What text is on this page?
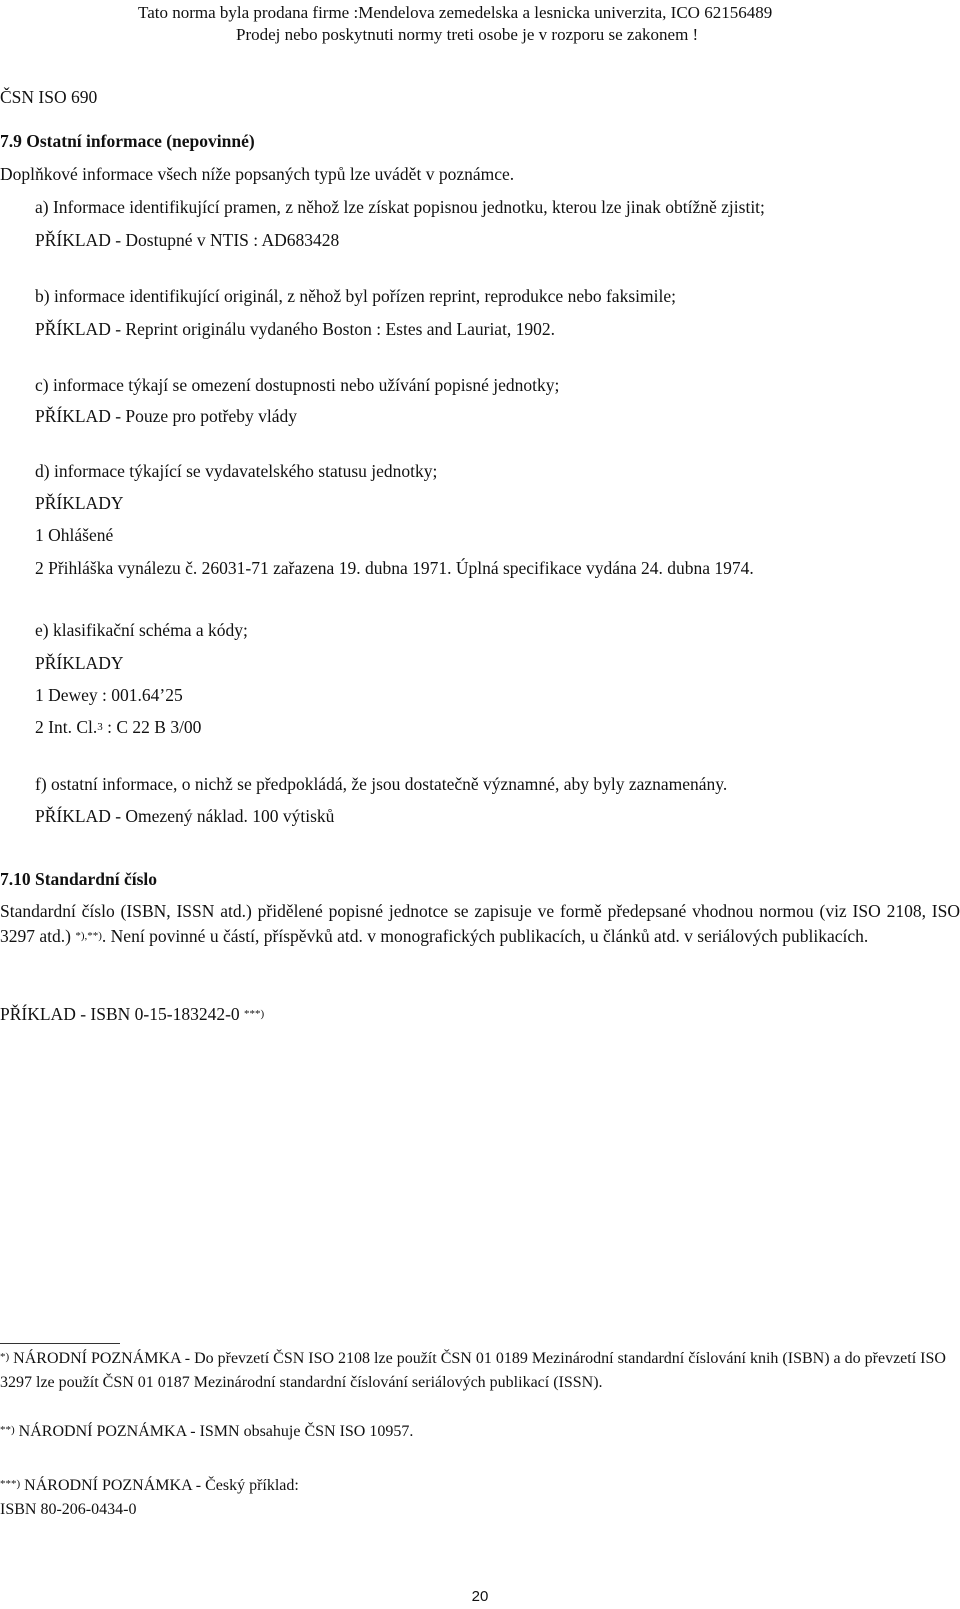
Tato norma byla prodana firme :Mendelova zemedelska a lesnicka univerzita, ICO 62156489
Prodej nebo poskytnuti normy treti osobe je v rozporu se zakonem !
ČSN ISO 690
7.9 Ostatní informace (nepovinné)
Doplňkové informace všech níže popsaných typů lze uvádět v poznámce.
a) Informace identifikující pramen, z něhož lze získat popisnou jednotku, kterou lze jinak obtížně zjistit;
PŘÍKLAD - Dostupné v NTIS : AD683428
b) informace identifikující originál, z něhož byl pořízen reprint, reprodukce nebo faksimile;
PŘÍKLAD - Reprint originálu vydaného Boston : Estes and Lauriat, 1902.
c) informace týkají se omezení dostupnosti nebo užívání popisné jednotky;
PŘÍKLAD - Pouze pro potřeby vlády
d) informace týkající se vydavatelského statusu jednotky;
PŘÍKLADY
1 Ohlášené
2 Přihláška vynálezu č. 26031-71 zařazena 19. dubna 1971. Úplná specifikace vydána 24. dubna 1974.
e) klasifikační schéma a kódy;
PŘÍKLADY
1 Dewey : 001.64’25
2 Int. Cl.$^3$ : C 22 B 3/00
f) ostatní informace, o nichž se předpokládá, že jsou dostatečně významné, aby byly zaznamenány.
PŘÍKLAD - Omezený náklad. 100 výtisků
7.10 Standardní číslo
Standardní číslo (ISBN, ISSN atd.) přidělené popisné jednotce se zapisuje ve formě předepsané vhodnou normou (viz ISO 2108, ISO 3297 atd.) *),**). Není povinné u částí, příspěvků atd. v monografických publikacích, u článků atd. v seriálových publikacích.
PŘÍKLAD - ISBN 0-15-183242-0 ***)
*) NÁRODNÍ POZNÁMKA - Do převzetí ČSN ISO 2108 lze použít ČSN 01 0189 Mezinárodní standardní číslování knih (ISBN) a do převzetí ISO 3297 lze použít ČSN 01 0187 Mezinárodní standardní číslování seriálových publikací (ISSN).
**) NÁRODNÍ POZNÁMKA - ISMN obsahuje ČSN ISO 10957.
***) NÁRODNÍ POZNÁMKA - Český příklad:
ISBN 80-206-0434-0
20
